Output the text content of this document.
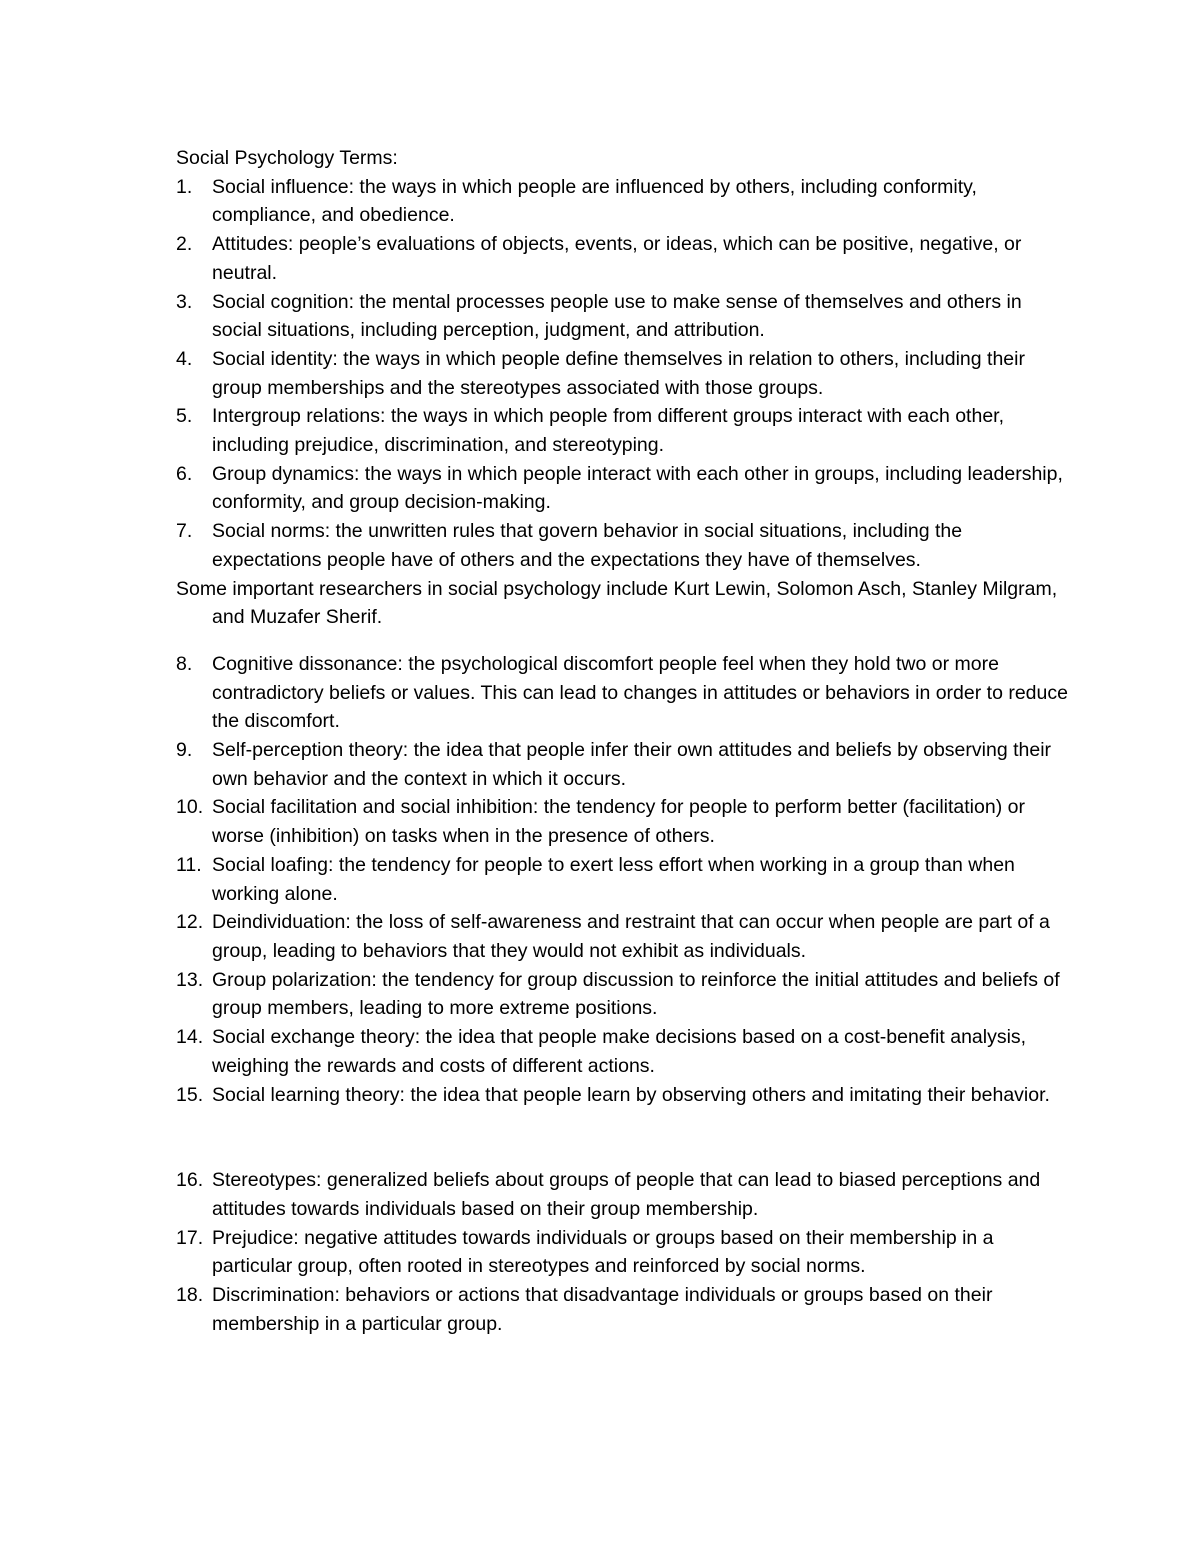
Social Psychology Terms:

1. Social influence: the ways in which people are influenced by others, including conformity, compliance, and obedience.
2. Attitudes: people’s evaluations of objects, events, or ideas, which can be positive, negative, or neutral.
3. Social cognition: the mental processes people use to make sense of themselves and others in social situations, including perception, judgment, and attribution.
4. Social identity: the ways in which people define themselves in relation to others, including their group memberships and the stereotypes associated with those groups.
5. Intergroup relations: the ways in which people from different groups interact with each other, including prejudice, discrimination, and stereotyping.
6. Group dynamics: the ways in which people interact with each other in groups, including leadership, conformity, and group decision-making.
7. Social norms: the unwritten rules that govern behavior in social situations, including the expectations people have of others and the expectations they have of themselves.

Some important researchers in social psychology include Kurt Lewin, Solomon Asch, Stanley Milgram, and Muzafer Sherif.

8. Cognitive dissonance: the psychological discomfort people feel when they hold two or more contradictory beliefs or values. This can lead to changes in attitudes or behaviors in order to reduce the discomfort.
9. Self-perception theory: the idea that people infer their own attitudes and beliefs by observing their own behavior and the context in which it occurs.
10. Social facilitation and social inhibition: the tendency for people to perform better (facilitation) or worse (inhibition) on tasks when in the presence of others.
11. Social loafing: the tendency for people to exert less effort when working in a group than when working alone.
12. Deindividuation: the loss of self-awareness and restraint that can occur when people are part of a group, leading to behaviors that they would not exhibit as individuals.
13. Group polarization: the tendency for group discussion to reinforce the initial attitudes and beliefs of group members, leading to more extreme positions.
14. Social exchange theory: the idea that people make decisions based on a cost-benefit analysis, weighing the rewards and costs of different actions.
15. Social learning theory: the idea that people learn by observing others and imitating their behavior.
16. Stereotypes: generalized beliefs about groups of people that can lead to biased perceptions and attitudes towards individuals based on their group membership.
17. Prejudice: negative attitudes towards individuals or groups based on their membership in a particular group, often rooted in stereotypes and reinforced by social norms.
18. Discrimination: behaviors or actions that disadvantage individuals or groups based on their membership in a particular group.
